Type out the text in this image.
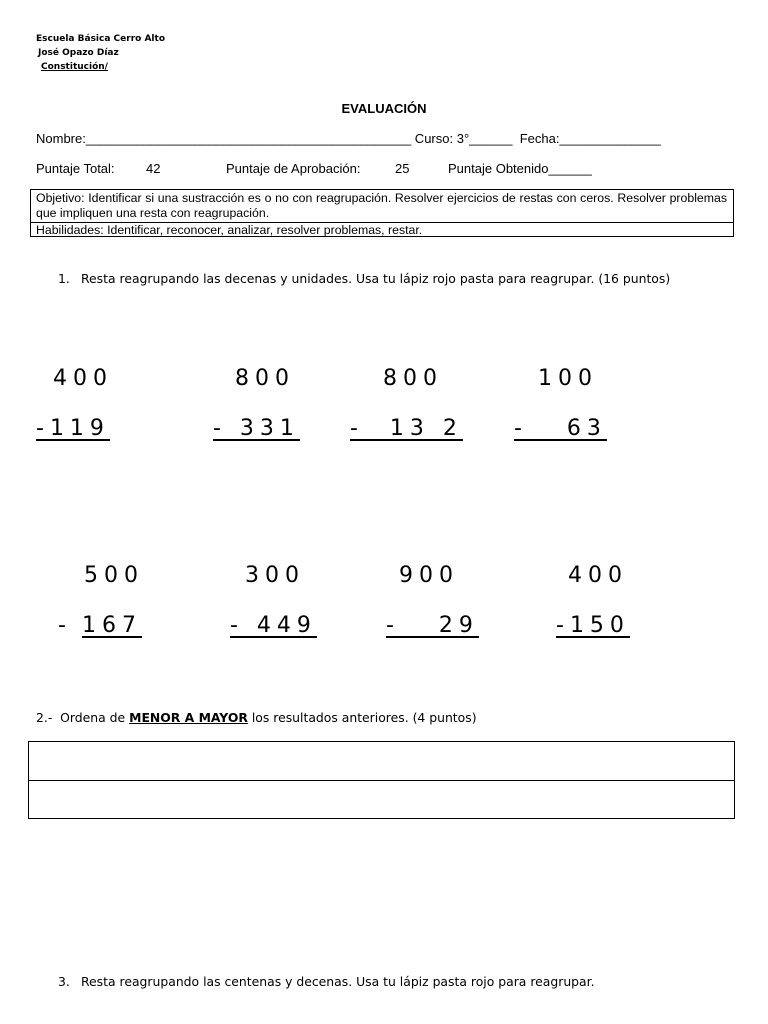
Escuela Básica Cerro Alto
José Opazo Díaz
Constitución/
EVALUACIÓN
Nombre:_____________________________________________ Curso: 3°______  Fecha:______________
Puntaje Total: 42	Puntaje de Aprobación:	25	Puntaje Obtenido______
Objetivo: Identificar si una sustracción es o no con reagrupación. Resolver ejercicios de restas con ceros. Resolver problemas que impliquen una resta con reagrupación.
Habilidades: Identificar, reconocer, analizar, resolver problemas, restar.
1. Resta reagrupando las decenas y unidades. Usa tu lápiz rojo pasta para reagrupar. (16 puntos)
400
-119
800
- 331
800
-  13 2
100
-   63
500
-
167
300
- 449
900
-   29
400
-150
2.-  Ordena de MENOR A MAYOR los resultados anteriores. (4 puntos)
3. Resta reagrupando las centenas y decenas. Usa tu lápiz pasta rojo para reagrupar.
